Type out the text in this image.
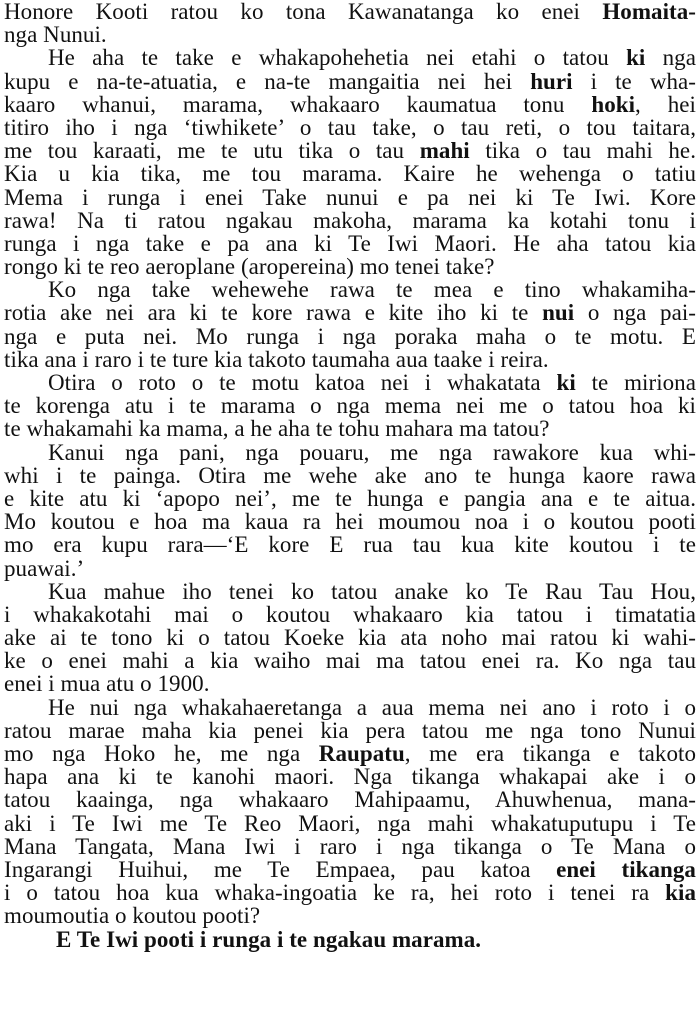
Honore Kooti ratou ko tona Kawanatanga ko enei Homaita-
nga Nunui.
He aha te take e whakapohehetia nei etahi o tatou ki nga
kupu e na-te-atuatia, e na-te mangaitia nei hei huri i te wha-
kaaro whanui, marama, whakaaro kaumatua tonu hoki, hei
titiro iho i nga ‘tiwhikete’ o tau take, o tau reti, o tou taitara,
me tou karaati, me te utu tika o tau mahi tika o tau mahi he.
Kia u kia tika, me tou marama. Kaire he wehenga o tatiu
Mema i runga i enei Take nunui e pa nei ki Te Iwi. Kore
rawa! Na ti ratou ngakau makoha, marama ka kotahi tonu i
runga i nga take e pa ana ki Te Iwi Maori. He aha tatou kia
rongo ki te reo aeroplane (aropereina) mo tenei take?
Ko nga take wehewehe rawa te mea e tino whakamiha-
rotia ake nei ara ki te kore rawa e kite iho ki te nui o nga pai-
nga e puta nei. Mo runga i nga poraka maha o te motu. E
tika ana i raro i te ture kia takoto taumaha aua taake i reira.
Otira o roto o te motu katoa nei i whakatata ki te miriona
te korenga atu i te marama o nga mema nei me o tatou hoa ki
te whakamahi ka mama, a he aha te tohu mahara ma tatou?
Kanui nga pani, nga pouaru, me nga rawakore kua whi-
whi i te painga. Otira me wehe ake ano te hunga kaore rawa
e kite atu ki ‘apopo nei’, me te hunga e pangia ana e te aitua.
Mo koutou e hoa ma kaua ra hei moumou noa i o koutou pooti
mo era kupu rara—‘E kore E rua tau kua kite koutou i te
puawai.’
Kua mahue iho tenei ko tatou anake ko Te Rau Tau Hou,
i whakakotahi mai o koutou whakaaro kia tatou i timatatia
ake ai te tono ki o tatou Koeke kia ata noho mai ratou ki wahi-
ke o enei mahi a kia waiho mai ma tatou enei ra. Ko nga tau
enei i mua atu o 1900.
He nui nga whakahaeretanga a aua mema nei ano i roto i o
ratou marae maha kia penei kia pera tatou me nga tono Nunui
mo nga Hoko he, me nga Raupatu, me era tikanga e takoto
hapa ana ki te kanohi maori. Nga tikanga whakapai ake i o
tatou kaainga, nga whakaaro Mahipaamu, Ahuwhenua, mana-
aki i Te Iwi me Te Reo Maori, nga mahi whakatuputupu i Te
Mana Tangata, Mana Iwi i raro i nga tikanga o Te Mana o
Ingarangi Huihui, me Te Empaea, pau katoa enei tikanga
i o tatou hoa kua whaka-ingoatia ke ra, hei roto i tenei ra kia
moumoutia o koutou pooti?
E Te Iwi pooti i runga i te ngakau marama.
